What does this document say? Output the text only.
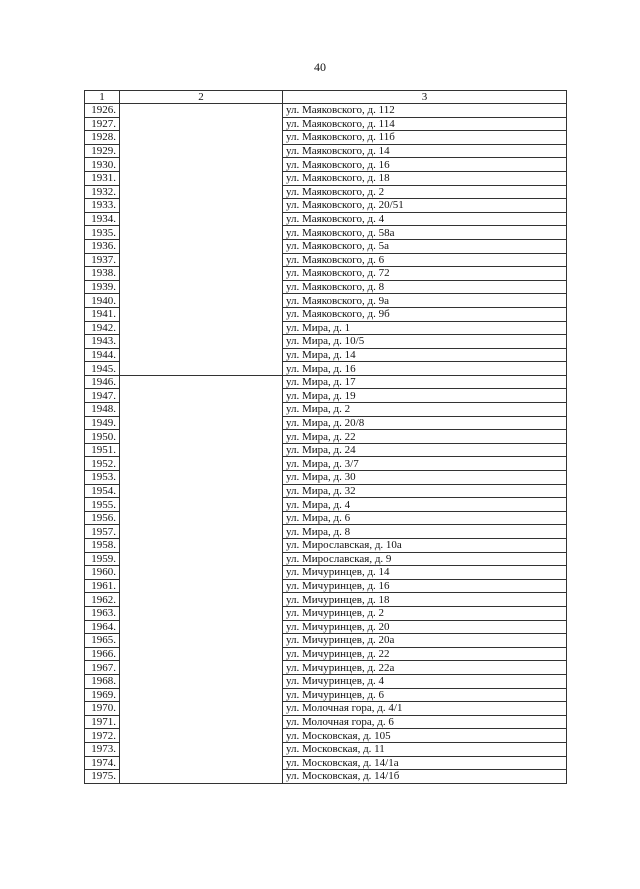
40
1	2	3
1926.		ул. Маяковского, д. 112
1927.		ул. Маяковского, д. 114
1928.		ул. Маяковского, д. 11б
1929.		ул. Маяковского, д. 14
1930.		ул. Маяковского, д. 16
1931.		ул. Маяковского, д. 18
1932.		ул. Маяковского, д. 2
1933.		ул. Маяковского, д. 20/51
1934.		ул. Маяковского, д. 4
1935.		ул. Маяковского, д. 58а
1936.		ул. Маяковского, д. 5а
1937.		ул. Маяковского, д. 6
1938.		ул. Маяковского, д. 72
1939.		ул. Маяковского, д. 8
1940.		ул. Маяковского, д. 9а
1941.		ул. Маяковского, д. 9б
1942.		ул. Мира, д. 1
1943.		ул. Мира, д. 10/5
1944.		ул. Мира, д. 14
1945.		ул. Мира, д. 16
1946.		ул. Мира, д. 17
1947.		ул. Мира, д. 19
1948.		ул. Мира, д. 2
1949.		ул. Мира, д. 20/8
1950.		ул. Мира, д. 22
1951.		ул. Мира, д. 24
1952.		ул. Мира, д. 3/7
1953.		ул. Мира, д. 30
1954.		ул. Мира, д. 32
1955.		ул. Мира, д. 4
1956.		ул. Мира, д. 6
1957.		ул. Мира, д. 8
1958.		ул. Мирославская, д. 10а
1959.		ул. Мирославская, д. 9
1960.		ул. Мичуринцев, д. 14
1961.		ул. Мичуринцев, д. 16
1962.		ул. Мичуринцев, д. 18
1963.		ул. Мичуринцев, д. 2
1964.		ул. Мичуринцев, д. 20
1965.		ул. Мичуринцев, д. 20а
1966.		ул. Мичуринцев, д. 22
1967.		ул. Мичуринцев, д. 22а
1968.		ул. Мичуринцев, д. 4
1969.		ул. Мичуринцев, д. 6
1970.		ул. Молочная гора, д. 4/1
1971.		ул. Молочная гора, д. 6
1972.		ул. Московская, д. 105
1973.		ул. Московская, д. 11
1974.		ул. Московская, д. 14/1а
1975.		ул. Московская, д. 14/1б
